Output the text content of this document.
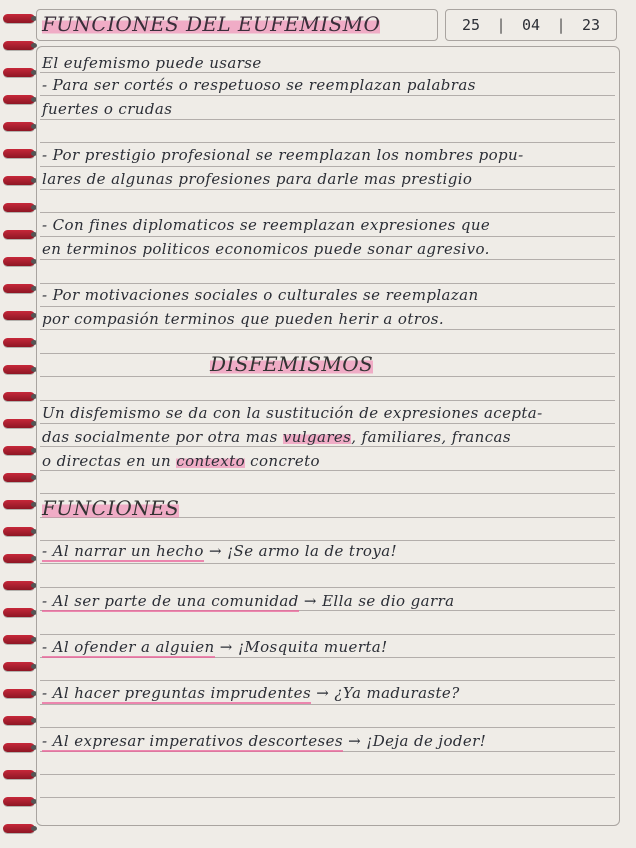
FUNCIONES DEL EUFEMISMO	25	|	04	|	23
El eufemismo puede usarse
- Para ser cortés o respetuoso se reemplazan palabras
fuertes o crudas
- Por prestigio profesional se reemplazan los nombres popu-
lares de algunas profesiones para darle mas prestigio
- Con fines diplomaticos se reemplazan expresiones que
en terminos politicos economicos puede sonar agresivo.
- Por motivaciones sociales o culturales se reemplazan
por compasión terminos que pueden herir a otros.
DISFEMISMOS
Un disfemismo se da con la sustitución de expresiones acepta-
das socialmente por otra mas vulgares, familiares, francas
o directas en un contexto concreto
FUNCIONES
- Al narrar un hecho → ¡Se armo la de troya!
- Al ser parte de una comunidad → Ella se dio garra
- Al ofender a alguien → ¡Mosquita muerta!
- Al hacer preguntas imprudentes → ¿Ya maduraste?
- Al expresar imperativos descorteses → ¡Deja de joder!
